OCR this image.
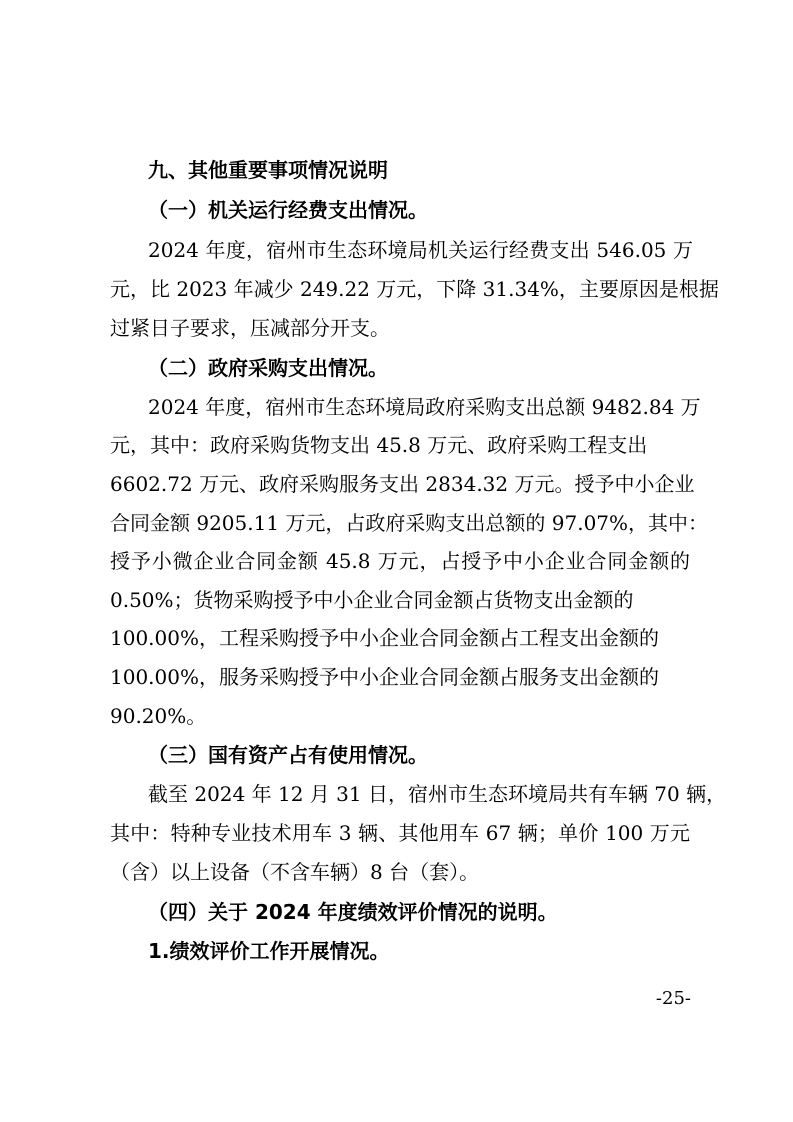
九、其他重要事项情况说明
（一）机关运行经费支出情况。
2024 年度，宿州市生态环境局机关运行经费支出 546.05 万
元，比 2023 年减少 249.22 万元，下降 31.34%，主要原因是根据
过紧日子要求，压减部分开支。
（二）政府采购支出情况。
2024 年度，宿州市生态环境局政府采购支出总额 9482.84 万
元，其中：政府采购货物支出 45.8 万元、政府采购工程支出
6602.72 万元、政府采购服务支出 2834.32 万元。授予中小企业
合同金额 9205.11 万元，占政府采购支出总额的 97.07%，其中：
授予小微企业合同金额 45.8 万元，占授予中小企业合同金额的
0.50%；货物采购授予中小企业合同金额占货物支出金额的
100.00%，工程采购授予中小企业合同金额占工程支出金额的
100.00%，服务采购授予中小企业合同金额占服务支出金额的
90.20%。
（三）国有资产占有使用情况。
截至 2024 年 12 月 31 日，宿州市生态环境局共有车辆 70 辆，
其中：特种专业技术用车 3 辆、其他用车 67 辆；单价 100 万元
（含）以上设备（不含车辆）8 台（套）。
（四）关于 2024 年度绩效评价情况的说明。
1.绩效评价工作开展情况。
-25-
